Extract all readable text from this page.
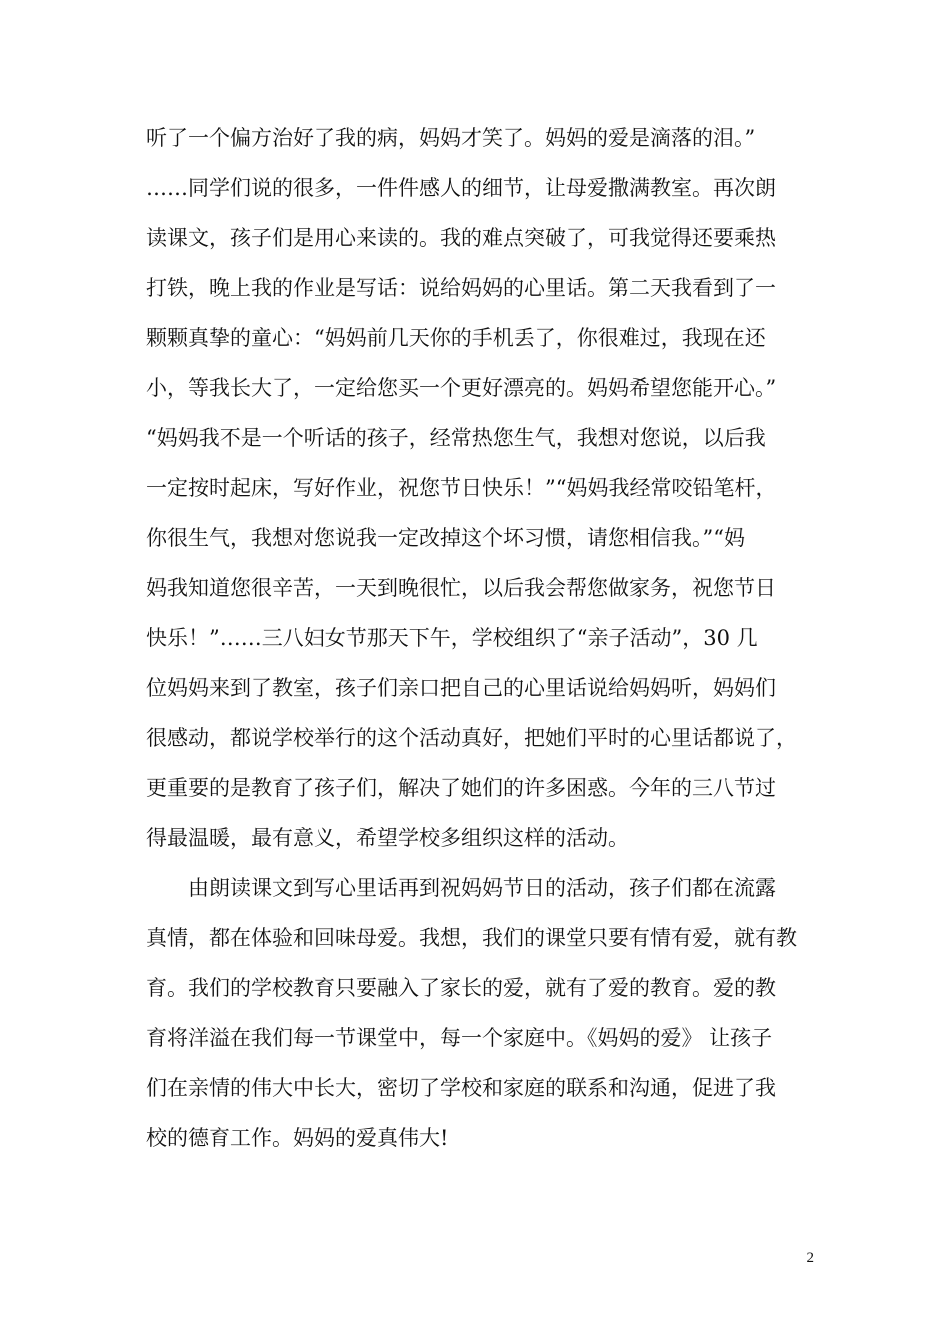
听了一个偏方治好了我的病，妈妈才笑了。妈妈的爱是滴落的泪。”
……同学们说的很多，一件件感人的细节，让母爱撒满教室。再次朗
读课文，孩子们是用心来读的。我的难点突破了，可我觉得还要乘热
打铁，晚上我的作业是写话：说给妈妈的心里话。第二天我看到了一
颗颗真挚的童心：“妈妈前几天你的手机丢了，你很难过，我现在还
小，等我长大了，一定给您买一个更好漂亮的。妈妈希望您能开心。”
“妈妈我不是一个听话的孩子，经常热您生气，我想对您说，以后我
一定按时起床，写好作业，祝您节日快乐！”“妈妈我经常咬铅笔杆，
你很生气，我想对您说我一定改掉这个坏习惯，请您相信我。”“妈
妈我知道您很辛苦，一天到晚很忙，以后我会帮您做家务，祝您节日
快乐！”……三八妇女节那天下午，学校组织了“亲子活动”，30 几
位妈妈来到了教室，孩子们亲口把自己的心里话说给妈妈听，妈妈们
很感动，都说学校举行的这个活动真好，把她们平时的心里话都说了，
更重要的是教育了孩子们，解决了她们的许多困惑。今年的三八节过
得最温暖，最有意义，希望学校多组织这样的活动。
由朗读课文到写心里话再到祝妈妈节日的活动，孩子们都在流露
真情，都在体验和回味母爱。我想，我们的课堂只要有情有爱，就有教
育。我们的学校教育只要融入了家长的爱，就有了爱的教育。爱的教
育将洋溢在我们每一节课堂中，每一个家庭中。《妈妈的爱》 让孩子
们在亲情的伟大中长大，密切了学校和家庭的联系和沟通，促进了我
校的德育工作。妈妈的爱真伟大!
2
